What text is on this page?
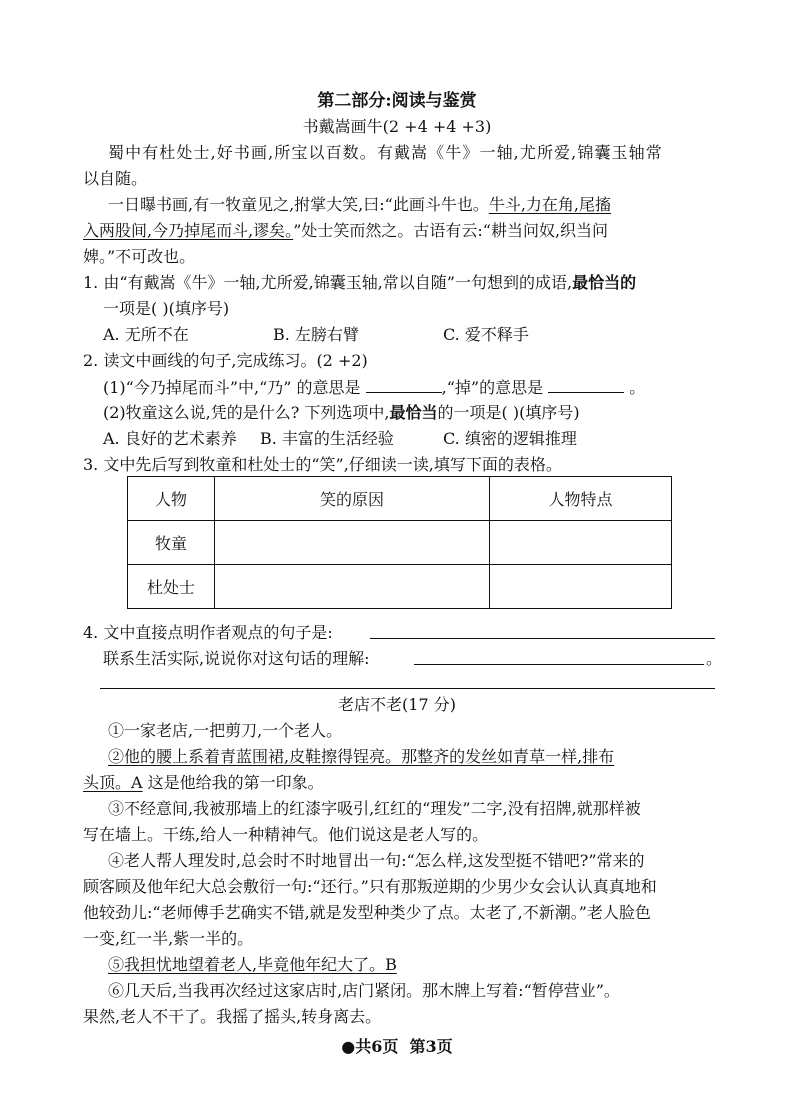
第二部分:阅读与鉴赏
书戴嵩画牛(2 +4 +4 +3)
蜀中有杜处士,好书画,所宝以百数。有戴嵩《牛》一轴,尤所爱,锦囊玉轴常
以自随。
一日曝书画,有一牧童见之,拊掌大笑,曰:“此画斗牛也。牛斗,力在角,尾搐
入两股间,今乃掉尾而斗,谬矣。”处士笑而然之。古语有云:“耕当问奴,织当问
婢。”不可改也。
1. 由“有戴嵩《牛》一轴,尤所爱,锦囊玉轴,常以自随”一句想到的成语,最恰当的
一项是( )(填序号)
A. 无所不在	B. 左膀右臂	C. 爱不释手
2. 读文中画线的句子,完成练习。(2 +2)
(1)“今乃掉尾而斗”中,“乃” 的意思是	,“掉”的意思是	。
(2)牧童这么说,凭的是什么? 下列选项中,最恰当的一项是( )(填序号)
A. 良好的艺术素养 B. 丰富的生活经验	C. 缜密的逻辑推理
3. 文中先后写到牧童和杜处士的“笑”,仔细读一读,填写下面的表格。
人物	笑的原因	人物特点
牧童		
杜处士		
4. 文中直接点明作者观点的句子是:
联系生活实际,说说你对这句话的理解:	。
老店不老(17 分)
①一家老店,一把剪刀,一个老人。
②他的腰上系着青蓝围裙,皮鞋擦得锃亮。那整齐的发丝如青草一样,排布
头顶。A 这是他给我的第一印象。
③不经意间,我被那墙上的红漆字吸引,红红的“理发”二字,没有招牌,就那样被
写在墙上。干练,给人一种精神气。他们说这是老人写的。
④老人帮人理发时,总会时不时地冒出一句:“怎么样,这发型挺不错吧?”常来的
顾客顾及他年纪大总会敷衍一句:“还行。”只有那叛逆期的少男少女会认认真真地和
他较劲儿:“老师傅手艺确实不错,就是发型种类少了点。太老了,不新潮。”老人脸色
一变,红一半,紫一半的。
⑤我担忧地望着老人,毕竟他年纪大了。B
⑥几天后,当我再次经过这家店时,店门紧闭。那木牌上写着:“暂停营业”。
果然,老人不干了。我摇了摇头,转身离去。
●共6页 第3页
